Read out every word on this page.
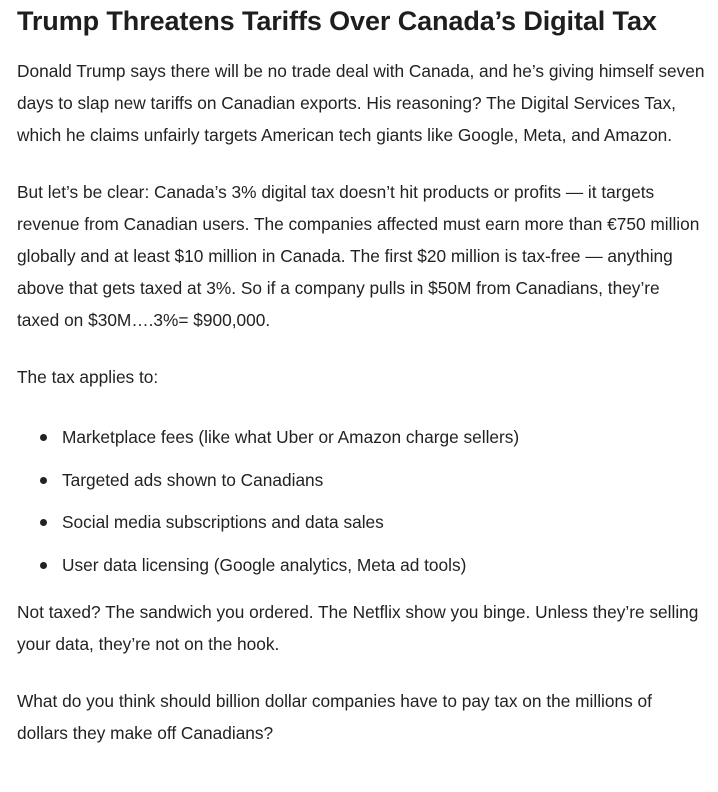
Trump Threatens Tariffs Over Canada’s Digital Tax

Donald Trump says there will be no trade deal with Canada, and he’s giving himself seven days to slap new tariffs on Canadian exports. His reasoning? The Digital Services Tax, which he claims unfairly targets American tech giants like Google, Meta, and Amazon.

But let’s be clear: Canada’s 3% digital tax doesn’t hit products or profits — it targets revenue from Canadian users. The companies affected must earn more than €750 million globally and at least $10 million in Canada. The first $20 million is tax-free — anything above that gets taxed at 3%. So if a company pulls in $50M from Canadians, they’re taxed on $30M….3%= $900,000.

The tax applies to:

Marketplace fees (like what Uber or Amazon charge sellers)
Targeted ads shown to Canadians
Social media subscriptions and data sales
User data licensing (Google analytics, Meta ad tools)

Not taxed? The sandwich you ordered. The Netflix show you binge. Unless they’re selling your data, they’re not on the hook.

What do you think should billion dollar companies have to pay tax on the millions of dollars they make off Canadians?
